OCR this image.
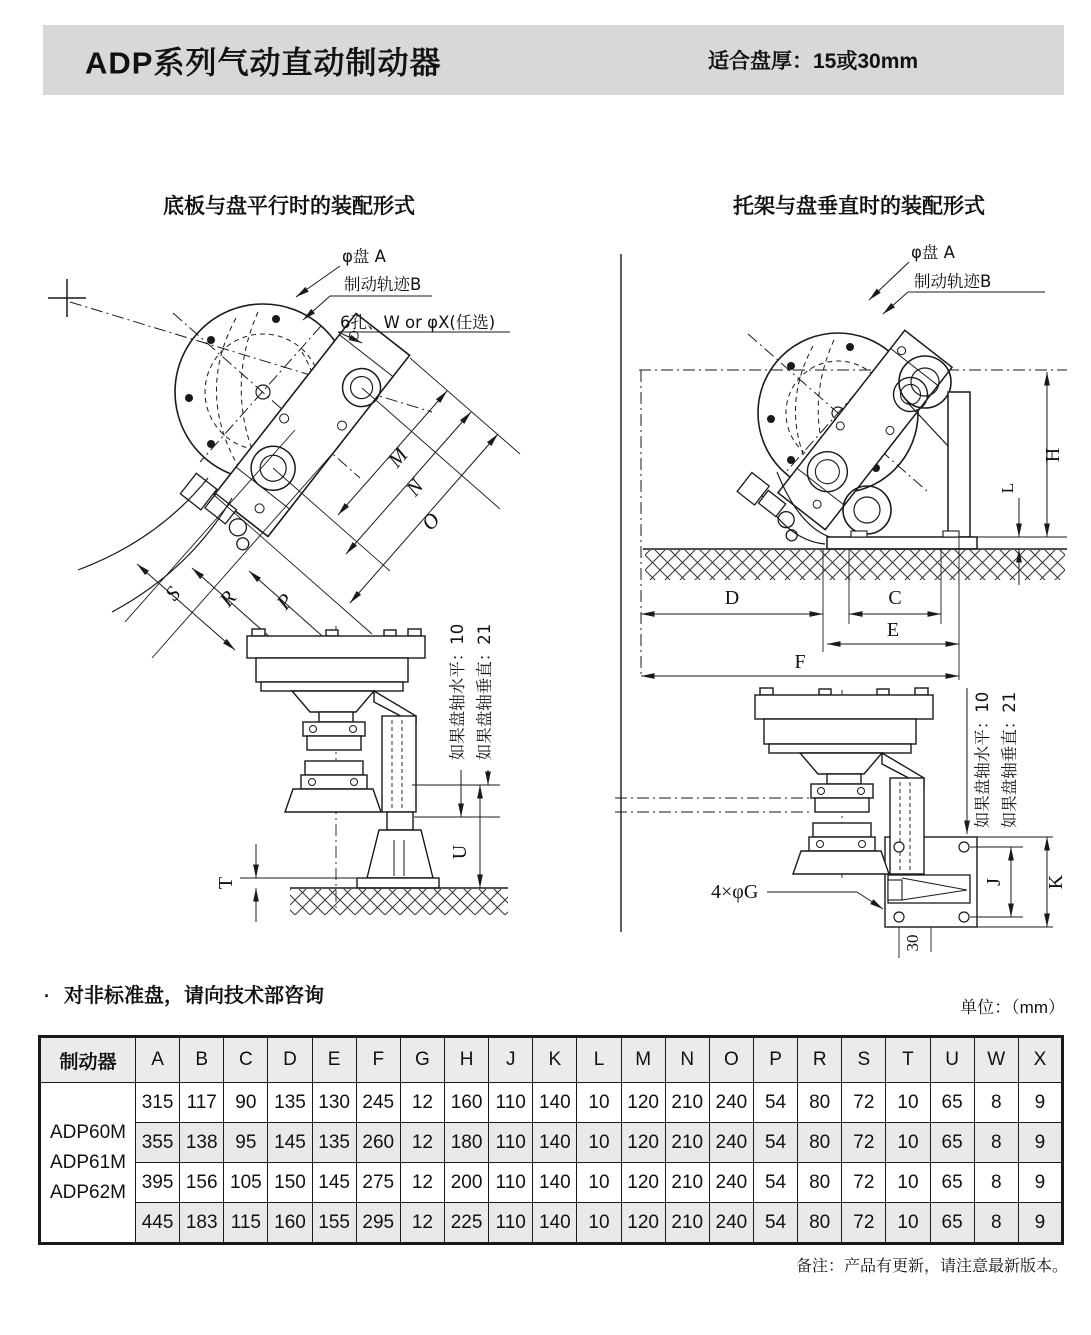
ADP系列气动直动制动器	适合盘厚：15或30mm
底板与盘平行时的装配形式	托架与盘垂直时的装配形式
φ盘 A
制动轨迹B
6孔、W or φX(任选)
M
N
O
S R P
T
U
如果盘轴水平：10 如果盘轴垂直：21
φ盘 A
制动轨迹B
H
L
D	C
E
F
4×φG	J K
30
如果盘轴水平：10 如果盘轴垂直：21
· 对非标准盘，请向技术部咨询
单位：（mm）
制动器	A	B	C	D	E	F	G	H	J	K	L	M	N	O	P	R	S	T	U	W	X

ADP60M
ADP61M
ADP62M	315	117	90	135	130	245	12	160	110	140	10	120	210	240	54	80	72	10	65	8	9
	355	138	95	145	135	260	12	180	110	140	10	120	210	240	54	80	72	10	65	8	9
	395	156	105	150	145	275	12	200	110	140	10	120	210	240	54	80	72	10	65	8	9
	445	183	115	160	155	295	12	225	110	140	10	120	210	240	54	80	72	10	65	8	9
备注：产品有更新，请注意最新版本。
